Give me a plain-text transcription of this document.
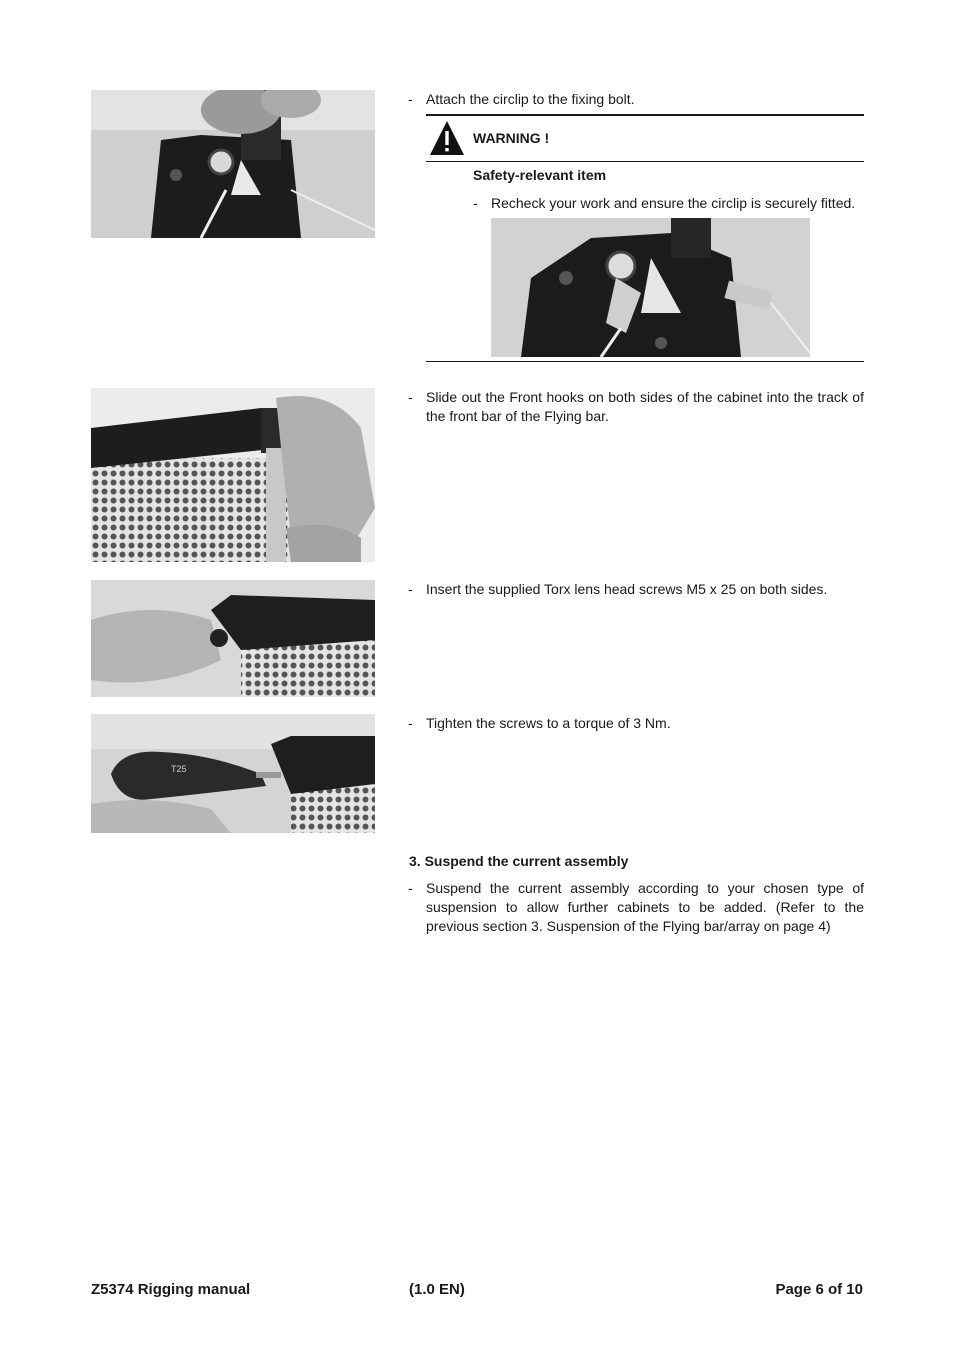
- Attach the circlip to the fixing bolt.
WARNING !
Safety-relevant item
- Recheck your work and ensure the circlip is securely fitted.
- Slide out the Front hooks on both sides of the cabinet into the track of the front bar of the Flying bar.
- Insert the supplied Torx lens head screws M5 x 25 on both sides.
T25
- Tighten the screws to a torque of 3 Nm.
3. Suspend the current assembly
- Suspend the current assembly according to your chosen type of suspension to allow further cabinets to be added. (Refer to the previous section 3. Suspension of the Flying bar/array on page 4)
Z5374 Rigging manual	(1.0 EN)	Page 6 of 10
